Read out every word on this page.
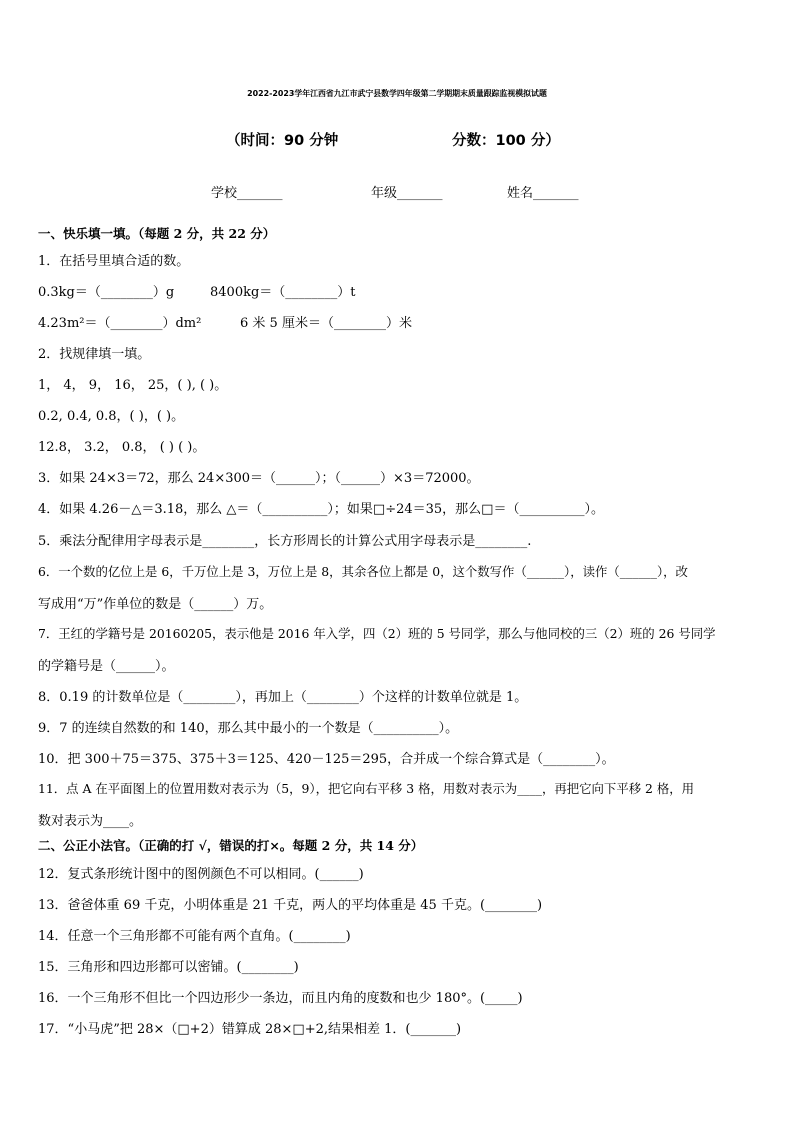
2022-2023学年江西省九江市武宁县数学四年级第二学期期末质量跟踪监视模拟试题
（时间：90 分钟	分数：100 分）
学校_______	年级_______	姓名_______
一、快乐填一填。（每题 2 分，共 22 分）
1．在括号里填合适的数。
0.3kg＝（________）g	8400kg＝（________）t
4.23m²＝（________）dm²	6 米 5 厘米＝（________）米
2．找规律填一填。
1， 4， 9， 16， 25，( ), ( )。
0.2, 0.4, 0.8，( )，( )。
12.8， 3.2， 0.8， ( ) ( )。
3．如果 24×3＝72，那么 24×300＝（______）；（______）×3＝72000。
4．如果 4.26－△＝3.18，那么 △＝（__________）；如果□÷24＝35，那么□＝（__________）。
5．乘法分配律用字母表示是________，长方形周长的计算公式用字母表示是________.
6．一个数的亿位上是 6，千万位上是 3，万位上是 8，其余各位上都是 0，这个数写作（______），读作（______），改
写成用“万”作单位的数是（______）万。
7．王红的学籍号是 20160205，表示他是 2016 年入学，四（2）班的 5 号同学，那么与他同校的三（2）班的 26 号同学
的学籍号是（______）。
8．0.19 的计数单位是（________），再加上（________）个这样的计数单位就是 1。
9．7 的连续自然数的和 140，那么其中最小的一个数是（__________）。
10．把 300＋75＝375、375＋3＝125、420－125＝295，合并成一个综合算式是（________）。
11．点 A 在平面图上的位置用数对表示为（5，9），把它向右平移 3 格，用数对表示为____，再把它向下平移 2 格，用
数对表示为____。
二、公正小法官。（正确的打 √，错误的打×。每题 2 分，共 14 分）
12．复式条形统计图中的图例颜色不可以相同。(______)
13．爸爸体重 69 千克，小明体重是 21 千克，两人的平均体重是 45 千克。(________)
14．任意一个三角形都不可能有两个直角。(________)
15．三角形和四边形都可以密铺。(________)
16．一个三角形不但比一个四边形少一条边，而且内角的度数和也少 180°。(_____)
17．“小马虎”把 28×（□+2）错算成 28×□+2,结果相差 1．(_______)
